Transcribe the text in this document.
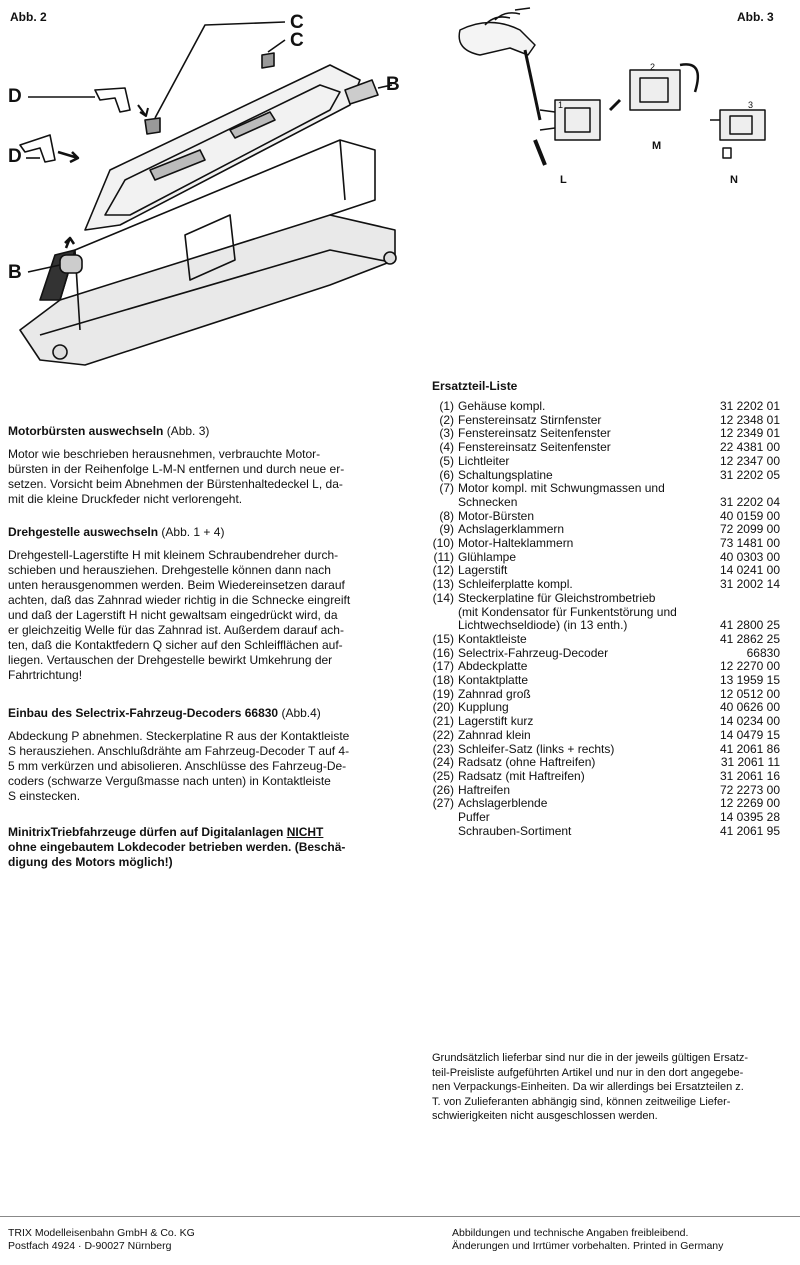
Abb. 2	C
C
D
D
B
B
Abb. 3
1
2
3
L
M
N
Motorbürsten auswechseln (Abb. 3)
Motor wie beschrieben herausnehmen, verbrauchte Motor-
bürsten in der Reihenfolge L-M-N entfernen und durch neue er-
setzen. Vorsicht beim Abnehmen der Bürstenhaltedeckel L, da-
mit die kleine Druckfeder nicht verlorengeht.
Drehgestelle auswechseln (Abb. 1 + 4)
Drehgestell-Lagerstifte H mit kleinem Schraubendreher durch-
schieben und herausziehen. Drehgestelle können dann nach
unten herausgenommen werden. Beim Wiedereinsetzen darauf
achten, daß das Zahnrad wieder richtig in die Schnecke eingreift
und daß der Lagerstift H nicht gewaltsam eingedrückt wird, da
er gleichzeitig Welle für das Zahnrad ist. Außerdem darauf ach-
ten, daß die Kontaktfedern Q sicher auf den Schleifflächen auf-
liegen. Vertauschen der Drehgestelle bewirkt Umkehrung der
Fahrtrichtung!
Einbau des Selectrix-Fahrzeug-Decoders 66830 (Abb.4)
Abdeckung P abnehmen. Steckerplatine R aus der Kontaktleiste
S herausziehen. Anschlußdrähte am Fahrzeug-Decoder T auf 4-
5 mm verkürzen und abisolieren. Anschlüsse des Fahrzeug-De-
coders (schwarze Vergußmasse nach unten) in Kontaktleiste
S einstecken.
MinitrixTriebfahrzeuge dürfen auf Digitalanlagen NICHT
ohne eingebautem Lokdecoder betrieben werden. (Beschä-
digung des Motors möglich!)
Ersatzteil-Liste
(1) Gehäuse kompl.	31 2202 01
(2) Fenstereinsatz Stirnfenster	12 2348 01
(3) Fenstereinsatz Seitenfenster	12 2349 01
(4) Fenstereinsatz Seitenfenster	22 4381 00
(5) Lichtleiter	12 2347 00
(6) Schaltungsplatine	31 2202 05
(7) Motor kompl. mit Schwungmassen und
Schnecken	31 2202 04
(8) Motor-Bürsten	40 0159 00
(9) Achslagerklammern	72 2099 00
(10) Motor-Halteklammern	73 1481 00
(11) Glühlampe	40 0303 00
(12) Lagerstift	14 0241 00
(13) Schleiferplatte kompl.	31 2002 14
(14) Steckerplatine für Gleichstrombetrieb
(mit Kondensator für Funkentstörung und
Lichtwechseldiode) (in 13 enth.)	41 2800 25
(15) Kontaktleiste	41 2862 25
(16) Selectrix-Fahrzeug-Decoder	66830
(17) Abdeckplatte	12 2270 00
(18) Kontaktplatte	13 1959 15
(19) Zahnrad groß	12 0512 00
(20) Kupplung	40 0626 00
(21) Lagerstift kurz	14 0234 00
(22) Zahnrad klein	14 0479 15
(23) Schleifer-Satz (links + rechts)	41 2061 86
(24) Radsatz (ohne Haftreifen)	31 2061 11
(25) Radsatz (mit Haftreifen)	31 2061 16
(26) Haftreifen	72 2273 00
(27) Achslagerblende	12 2269 00
Puffer	14 0395 28
Schrauben-Sortiment	41 2061 95
Grundsätzlich lieferbar sind nur die in der jeweils gültigen Ersatz-
teil-Preisliste aufgeführten Artikel und nur in den dort angegebe-
nen Verpackungs-Einheiten. Da wir allerdings bei Ersatzteilen z.
T. von Zulieferanten abhängig sind, können zeitweilige Liefer-
schwierigkeiten nicht ausgeschlossen werden.
TRIX Modelleisenbahn GmbH & Co. KG
Postfach 4924 · D-90027 Nürnberg
Abbildungen und technische Angaben freibleibend.
Änderungen und Irrtümer vorbehalten. Printed in Germany
